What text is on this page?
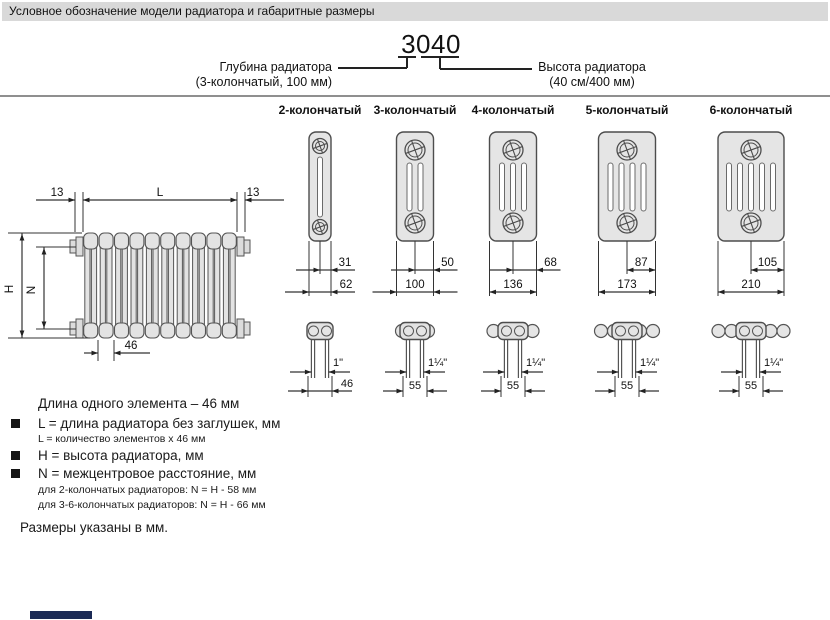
Условное обозначение модели радиатора и габаритные размеры
3040
Глубина радиатора
(3-колончатый, 100 мм)
Высота радиатора
(40 см/400 мм)
2-колончатый	3-колончатый	4-колончатый	5-колончатый	6-колончатый
31
62
1"
46
50
100
1¼"
55
68
136
1¼"
55
87
173
1¼"
55
105
210
1¼"
55
13	L	13
H N
46
Длина одного элемента – 46 мм
L = длина радиатора без заглушек, мм
L = количество элементов x 46 мм
H = высота радиатора, мм
N = межцентровое расстояние, мм
для 2-колончатых радиаторов: N = H - 58 мм
для 3-6-колончатых радиаторов: N = H - 66 мм
Размеры указаны в мм.
